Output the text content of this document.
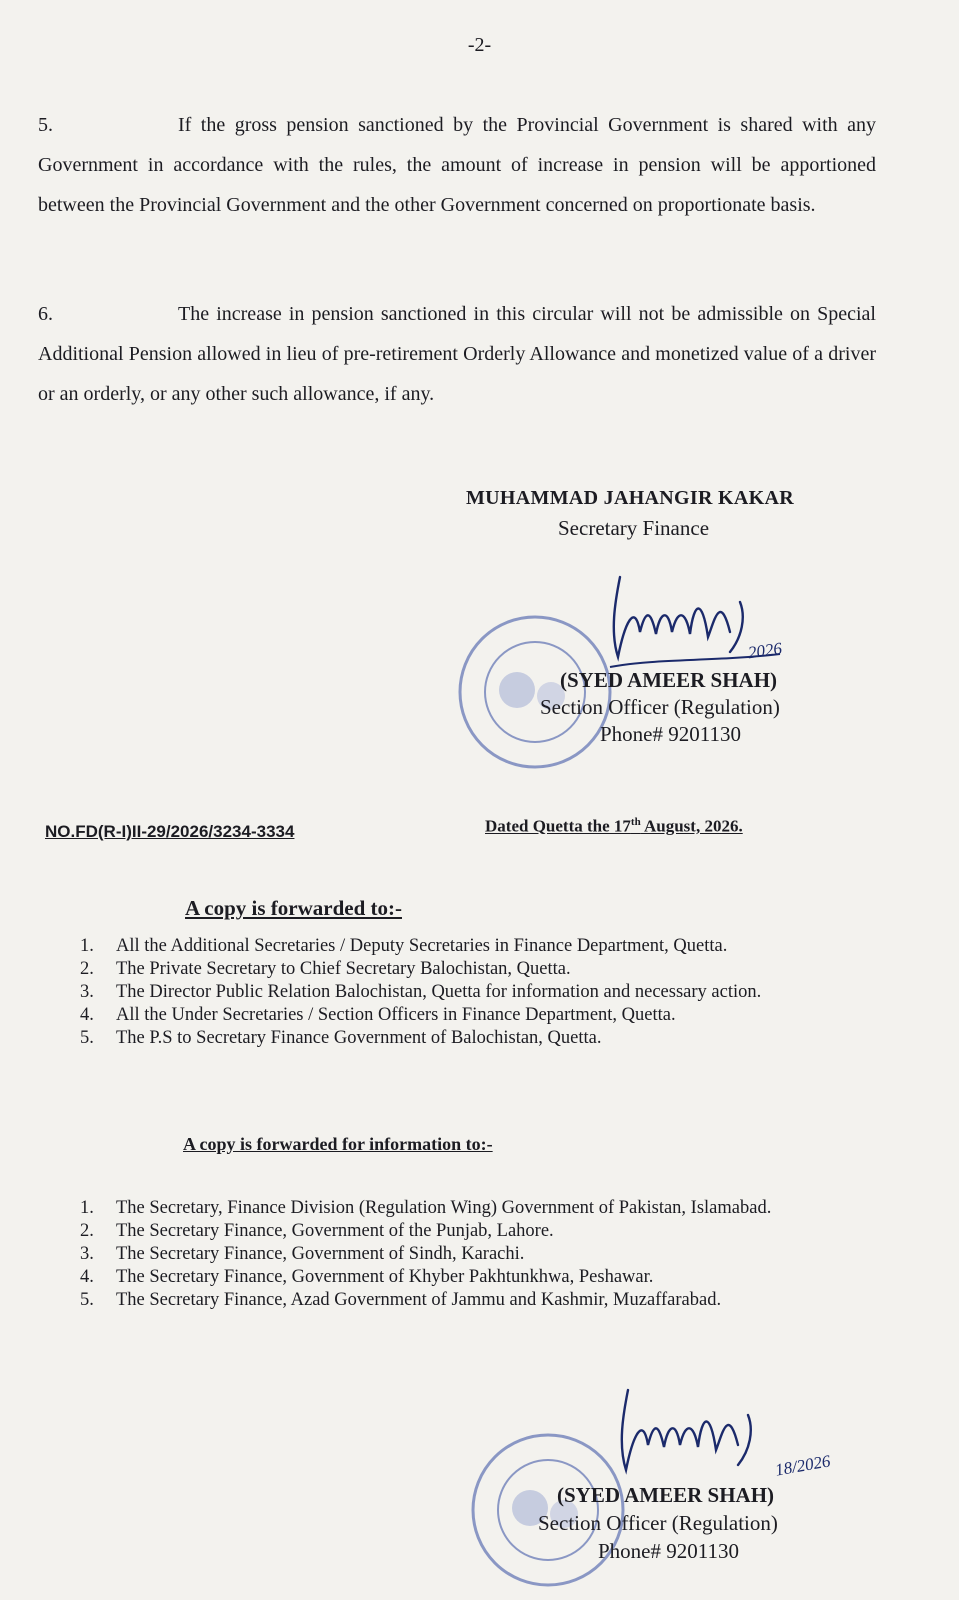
-2-
5.	If the gross pension sanctioned by the Provincial Government is shared with any Government in accordance with the rules, the amount of increase in pension will be apportioned between the Provincial Government and the other Government concerned on proportionate basis.
6.	The increase in pension sanctioned in this circular will not be admissible on Special Additional Pension allowed in lieu of pre-retirement Orderly Allowance and monetized value of a driver or an orderly, or any other such allowance, if any.
MUHAMMAD JAHANGIR KAKAR
Secretary Finance
2026
(SYED AMEER SHAH)
Section Officer (Regulation)
Phone# 9201130
NO.FD(R-I)II-29/2026/3234-3334	Dated Quetta the 17th August, 2026.
A copy is forwarded to:-
1. All the Additional Secretaries / Deputy Secretaries in Finance Department, Quetta.
2. The Private Secretary to Chief Secretary Balochistan, Quetta.
3. The Director Public Relation Balochistan, Quetta for information and necessary action.
4. All the Under Secretaries / Section Officers in Finance Department, Quetta.
5. The P.S to Secretary Finance Government of Balochistan, Quetta.
A copy is forwarded for information to:-
1. The Secretary, Finance Division (Regulation Wing) Government of Pakistan, Islamabad.
2. The Secretary Finance, Government of the Punjab, Lahore.
3. The Secretary Finance, Government of Sindh, Karachi.
4. The Secretary Finance, Government of Khyber Pakhtunkhwa, Peshawar.
5. The Secretary Finance, Azad Government of Jammu and Kashmir, Muzaffarabad.
18/2026
(SYED AMEER SHAH)
Section Officer (Regulation)
Phone# 9201130
